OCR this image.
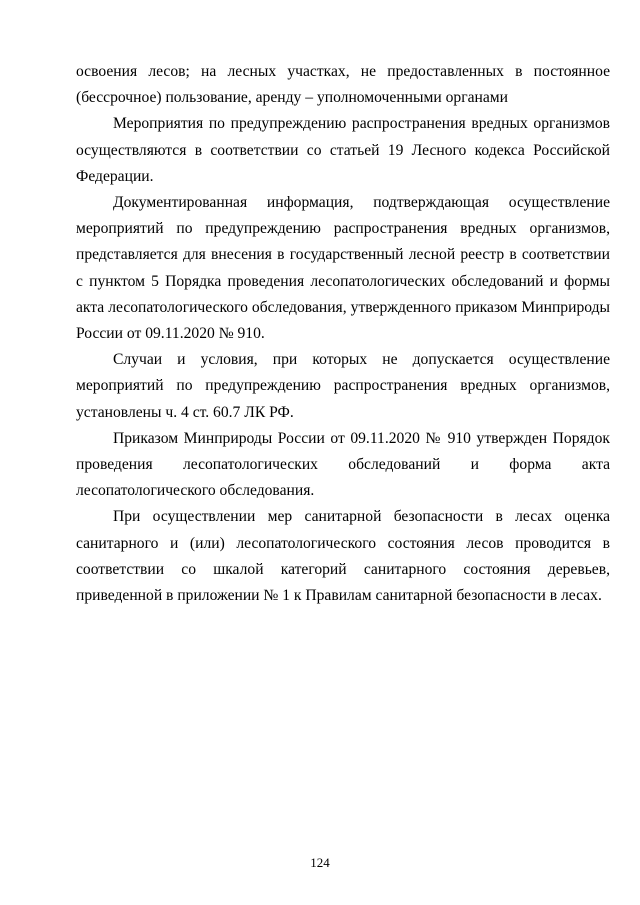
освоения лесов; на лесных участках, не предоставленных в постоянное (бессрочное) пользование, аренду – уполномоченными органами

Мероприятия по предупреждению распространения вредных организмов осуществляются в соответствии со статьей 19 Лесного кодекса Российской Федерации.

Документированная информация, подтверждающая осуществление мероприятий по предупреждению распространения вредных организмов, представляется для внесения в государственный лесной реестр в соответствии с пунктом 5 Порядка проведения лесопатологических обследований и формы акта лесопатологического обследования, утвержденного приказом Минприроды России от 09.11.2020 № 910.

Случаи и условия, при которых не допускается осуществление мероприятий по предупреждению распространения вредных организмов, установлены ч. 4 ст. 60.7 ЛК РФ.

Приказом Минприроды России от 09.11.2020 № 910 утвержден Порядок проведения лесопатологических обследований и форма акта лесопатологического обследования.

При осуществлении мер санитарной безопасности в лесах оценка санитарного и (или) лесопатологического состояния лесов проводится в соответствии со шкалой категорий санитарного состояния деревьев, приведенной в приложении № 1 к Правилам санитарной безопасности в лесах.

124
